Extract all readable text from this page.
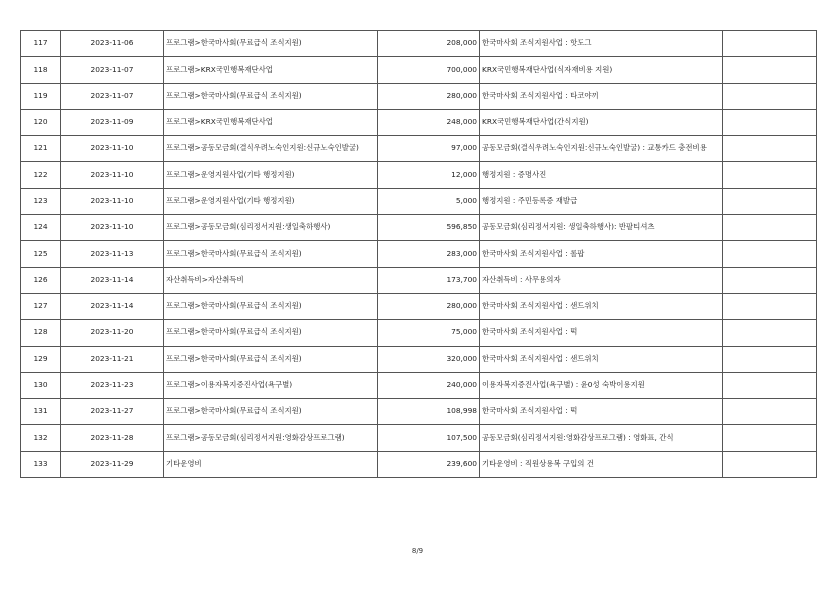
117	2023-11-06	프로그램>한국마사회(무료급식 조식지원)	208,000	한국마사회 조식지원사업 : 핫도그	
118	2023-11-07	프로그램>KRX국민행복재단사업	700,000	KRX국민행복재단사업(식자재비용 지원)	
119	2023-11-07	프로그램>한국마사회(무료급식 조식지원)	280,000	한국마사회 조식지원사업 : 타코야끼	
120	2023-11-09	프로그램>KRX국민행복재단사업	248,000	KRX국민행복재단사업(간식지원)	
121	2023-11-10	프로그램>공동모금회(결식우려노숙인지원:신규노숙인발굴)	97,000	공동모금회(결식우려노숙인지원:신규노숙인발굴) : 교통카드 충전비용	
122	2023-11-10	프로그램>운영지원사업(기타 행정지원)	12,000	행정지원 : 증명사진	
123	2023-11-10	프로그램>운영지원사업(기타 행정지원)	5,000	행정지원 : 주민등록증 재발급	
124	2023-11-10	프로그램>공동모금회(심리정서지원:생일축하행사)	596,850	공동모금회(심리정서지원: 생일축하행사): 반팔티셔츠	
125	2023-11-13	프로그램>한국마사회(무료급식 조식지원)	283,000	한국마사회 조식지원사업 : 롤팝	
126	2023-11-14	자산취득비>자산취득비	173,700	자산취득비 : 사무용의자	
127	2023-11-14	프로그램>한국마사회(무료급식 조식지원)	280,000	한국마사회 조식지원사업 : 샌드위치	
128	2023-11-20	프로그램>한국마사회(무료급식 조식지원)	75,000	한국마사회 조식지원사업 : 떡	
129	2023-11-21	프로그램>한국마사회(무료급식 조식지원)	320,000	한국마사회 조식지원사업 : 샌드위치	
130	2023-11-23	프로그램>이용자복지증진사업(욕구별)	240,000	이용자복지증진사업(욕구별) : 윤0성 숙박이용지원	
131	2023-11-27	프로그램>한국마사회(무료급식 조식지원)	108,998	한국마사회 조식지원사업 : 떡	
132	2023-11-28	프로그램>공동모금회(심리정서지원:영화감상프로그램)	107,500	공동모금회(심리정서지원:영화감상프로그램) : 영화표, 간식	
133	2023-11-29	기타운영비	239,600	기타운영비 : 직원상용복 구입의 건	
8/9
